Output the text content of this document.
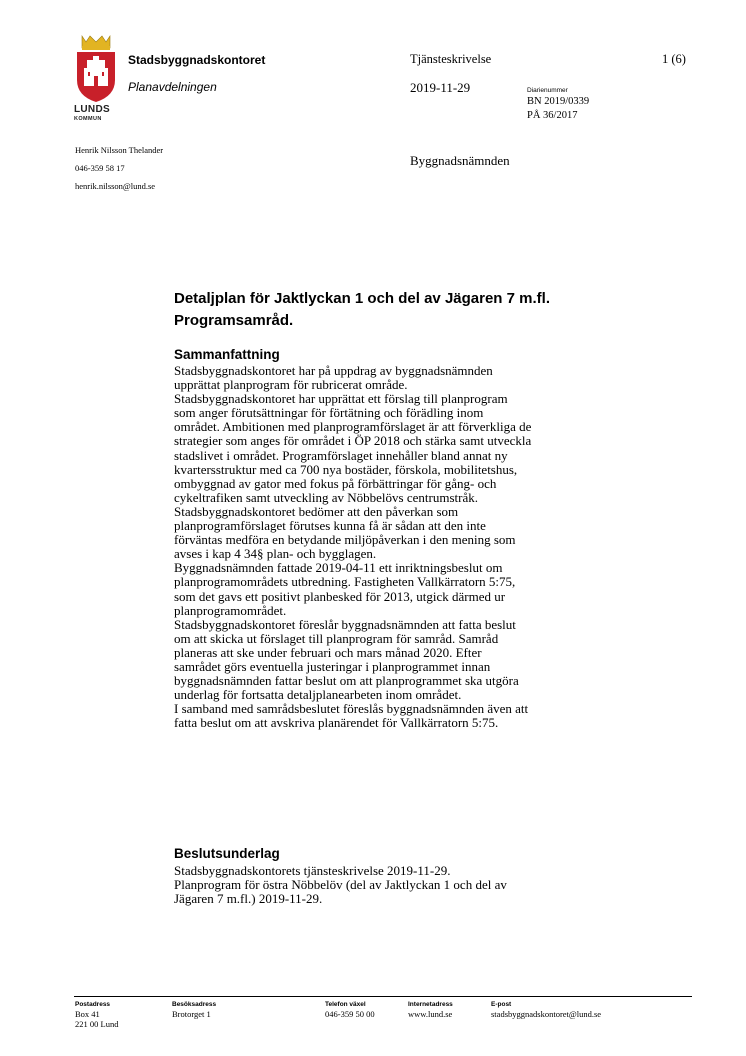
LUNDS
KOMMUN
Stadsbyggnadskontoret
Planavdelningen
Tjänsteskrivelse	1 (6)
2019-11-29	Diarienummer
BN 2019/0339
PÅ 36/2017
Henrik Nilsson Thelander
046-359 58 17
henrik.nilsson@lund.se
Byggnadsnämnden
Detaljplan för Jaktlyckan 1 och del av Jägaren 7 m.fl.
Programsamråd.
Sammanfattning
Stadsbyggnadskontoret har på uppdrag av byggnadsnämnden
upprättat planprogram för rubricerat område.
Stadsbyggnadskontoret har upprättat ett förslag till planprogram
som anger förutsättningar för förtätning och förädling inom
området. Ambitionen med planprogramförslaget är att förverkliga de
strategier som anges för området i ÖP 2018 och stärka samt utveckla
stadslivet i området. Programförslaget innehåller bland annat ny
kvartersstruktur med ca 700 nya bostäder, förskola, mobilitetshus,
ombyggnad av gator med fokus på förbättringar för gång- och
cykeltrafiken samt utveckling av Nöbbelövs centrumstråk.
Stadsbyggnadskontoret bedömer att den påverkan som
planprogramförslaget förutses kunna få är sådan att den inte
förväntas medföra en betydande miljöpåverkan i den mening som
avses i kap 4 34§ plan- och bygglagen.
Byggnadsnämnden fattade 2019-04-11 ett inriktningsbeslut om
planprogramområdets utbredning. Fastigheten Vallkärratorn 5:75,
som det gavs ett positivt planbesked för 2013, utgick därmed ur
planprogramområdet.
Stadsbyggnadskontoret föreslår byggnadsnämnden att fatta beslut
om att skicka ut förslaget till planprogram för samråd. Samråd
planeras att ske under februari och mars månad 2020. Efter
samrådet görs eventuella justeringar i planprogrammet innan
byggnadsnämnden fattar beslut om att planprogrammet ska utgöra
underlag för fortsatta detaljplanearbeten inom området.
I samband med samrådsbeslutet föreslås byggnadsnämnden även att
fatta beslut om att avskriva planärendet för Vallkärratorn 5:75.
Beslutsunderlag
Stadsbyggnadskontorets tjänsteskrivelse 2019-11-29.
Planprogram för östra Nöbbelöv (del av Jaktlyckan 1 och del av
Jägaren 7 m.fl.) 2019-11-29.
Postadress
Box 41
221 00 Lund
Besöksadress
Brotorget 1
Telefon växel
046-359 50 00
Internetadress
www.lund.se
E-post
stadsbyggnadskontoret@lund.se
